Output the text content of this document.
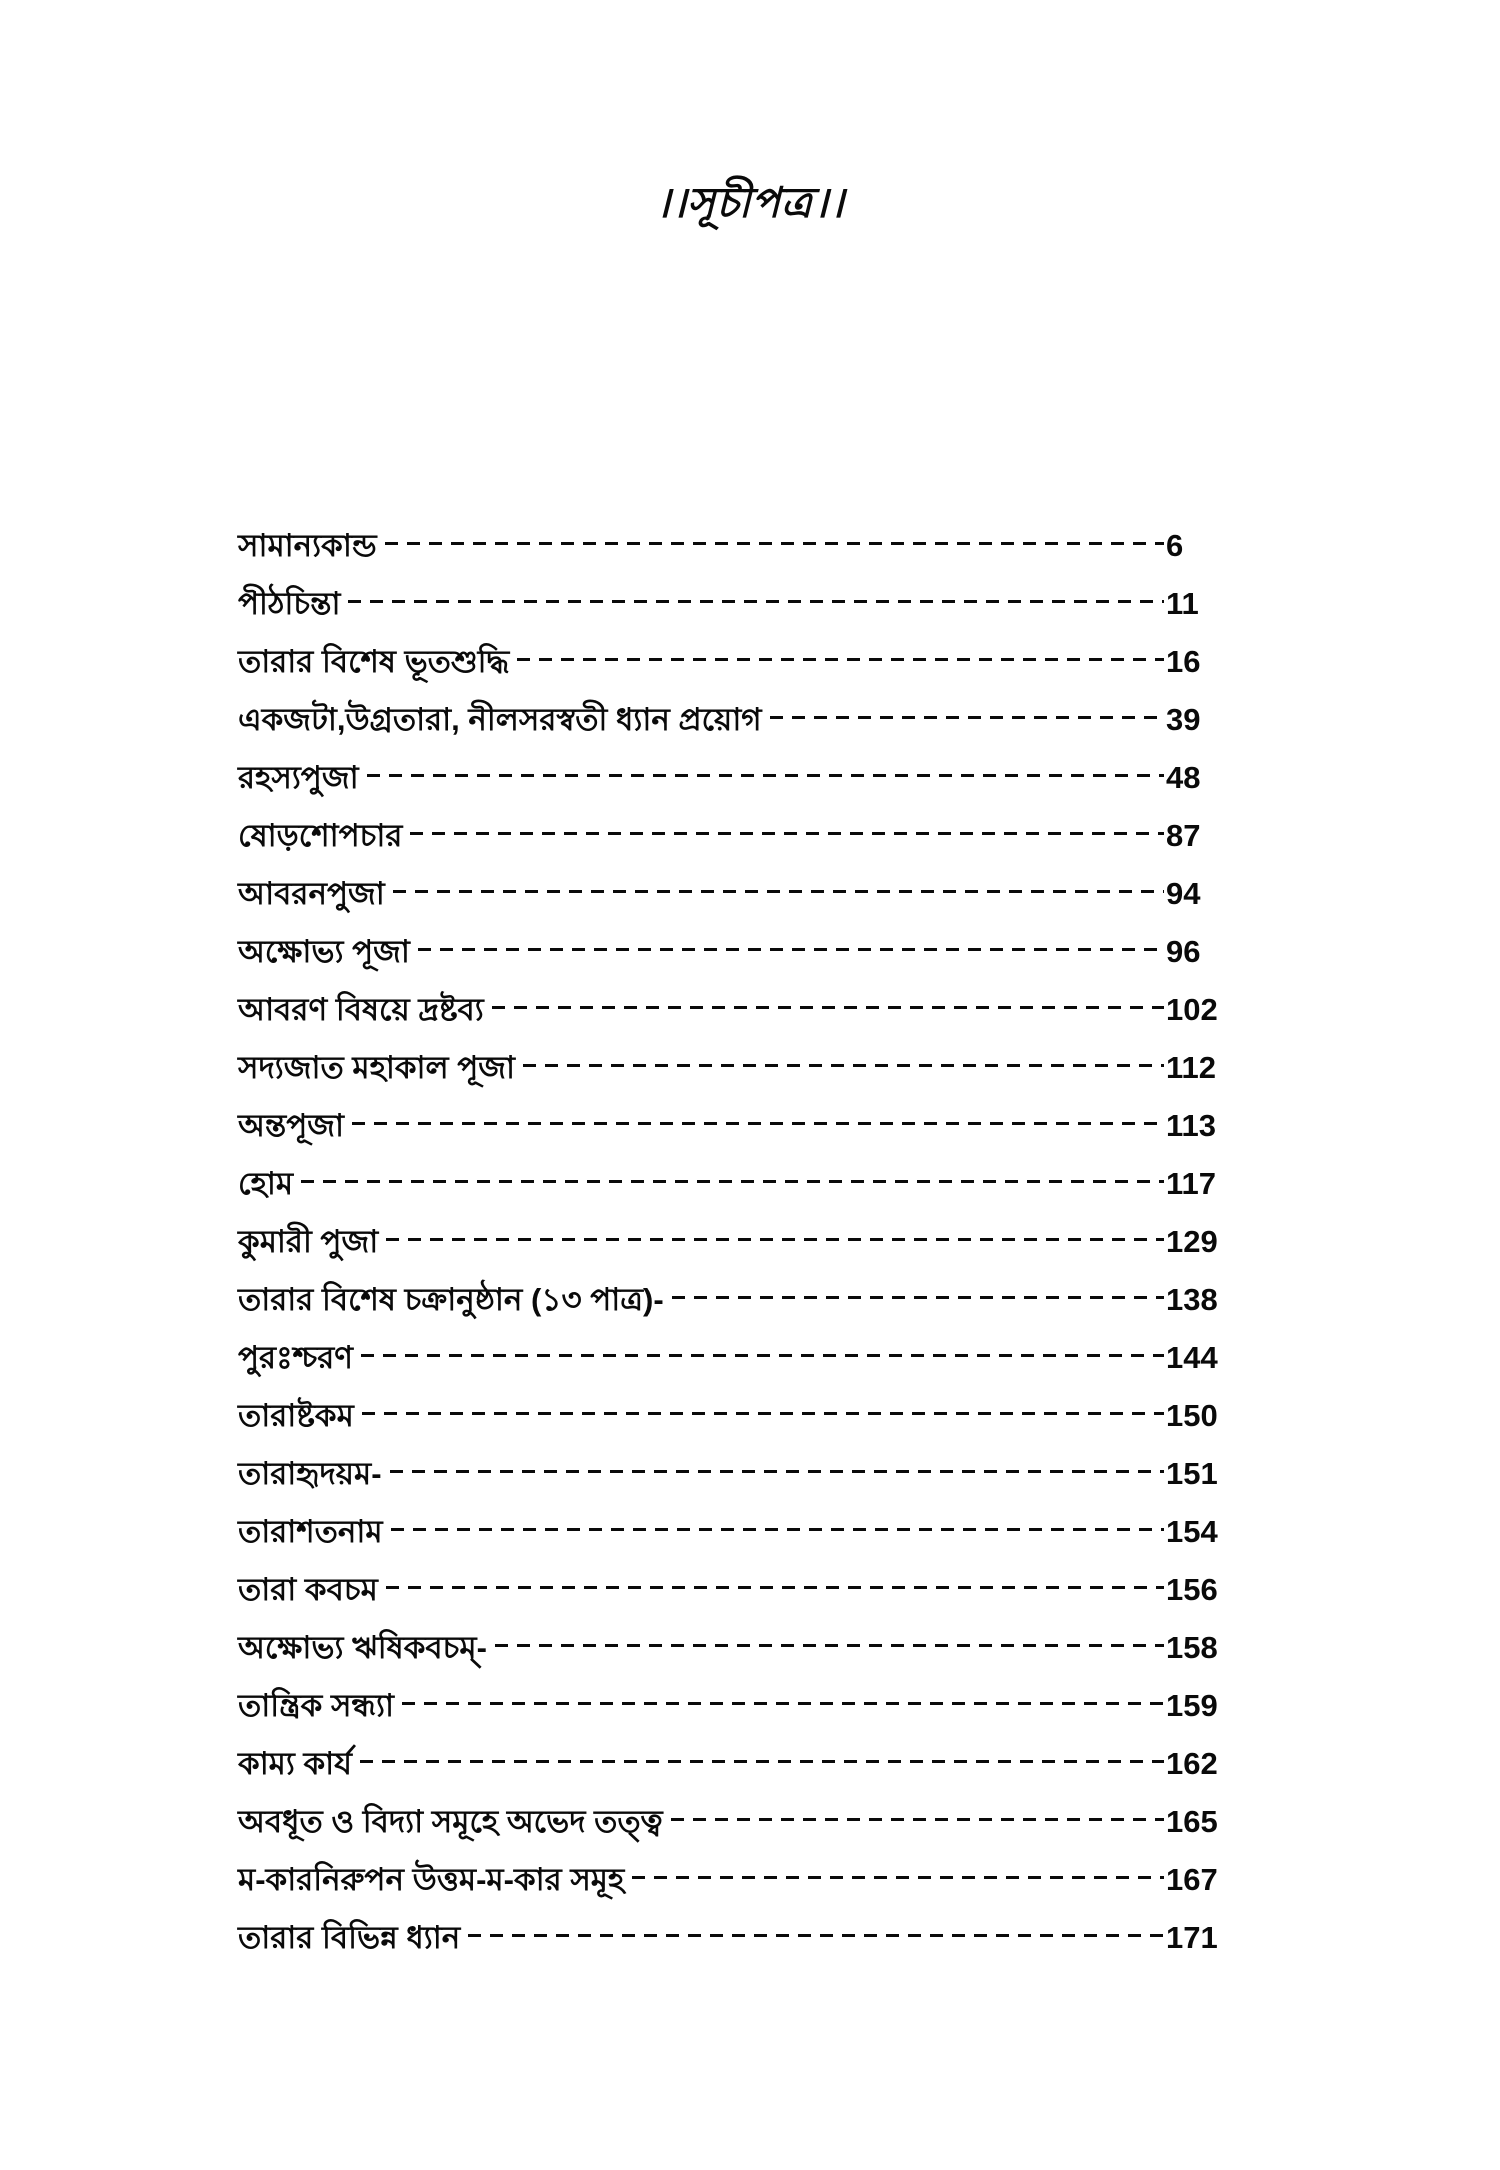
।।সূচীপত্র।।
সামান্যকান্ড	6
পীঠচিন্তা	11
তারার বিশেষ ভূতশুদ্ধি	16
একজটা,উগ্রতারা, নীলসরস্বতী ধ্যান প্রয়োগ	39
রহস্যপুজা	48
ষোড়শোপচার	87
আবরনপুজা	94
অক্ষোভ্য পূজা	96
আবরণ বিষয়ে দ্রষ্টব্য	102
সদ্যজাত মহাকাল পূজা	112
অন্তপূজা	113
হোম	117
কুমারী পুজা	129
তারার বিশেষ চক্রানুষ্ঠান (১৩ পাত্র)-	138
পুরঃশ্চরণ	144
তারাষ্টকম	150
তারাহৃদয়ম-	151
তারাশতনাম	154
তারা কবচম	156
অক্ষোভ্য ঋষিকবচম্-	158
তান্ত্রিক সন্ধ্যা	159
কাম্য কার্য	162
অবধূত ও বিদ্যা সমূহে অভেদ তত্ত্ব	165
ম-কারনিরুপন উত্তম-ম-কার সমূহ	167
তারার বিভিন্ন ধ্যান	171
